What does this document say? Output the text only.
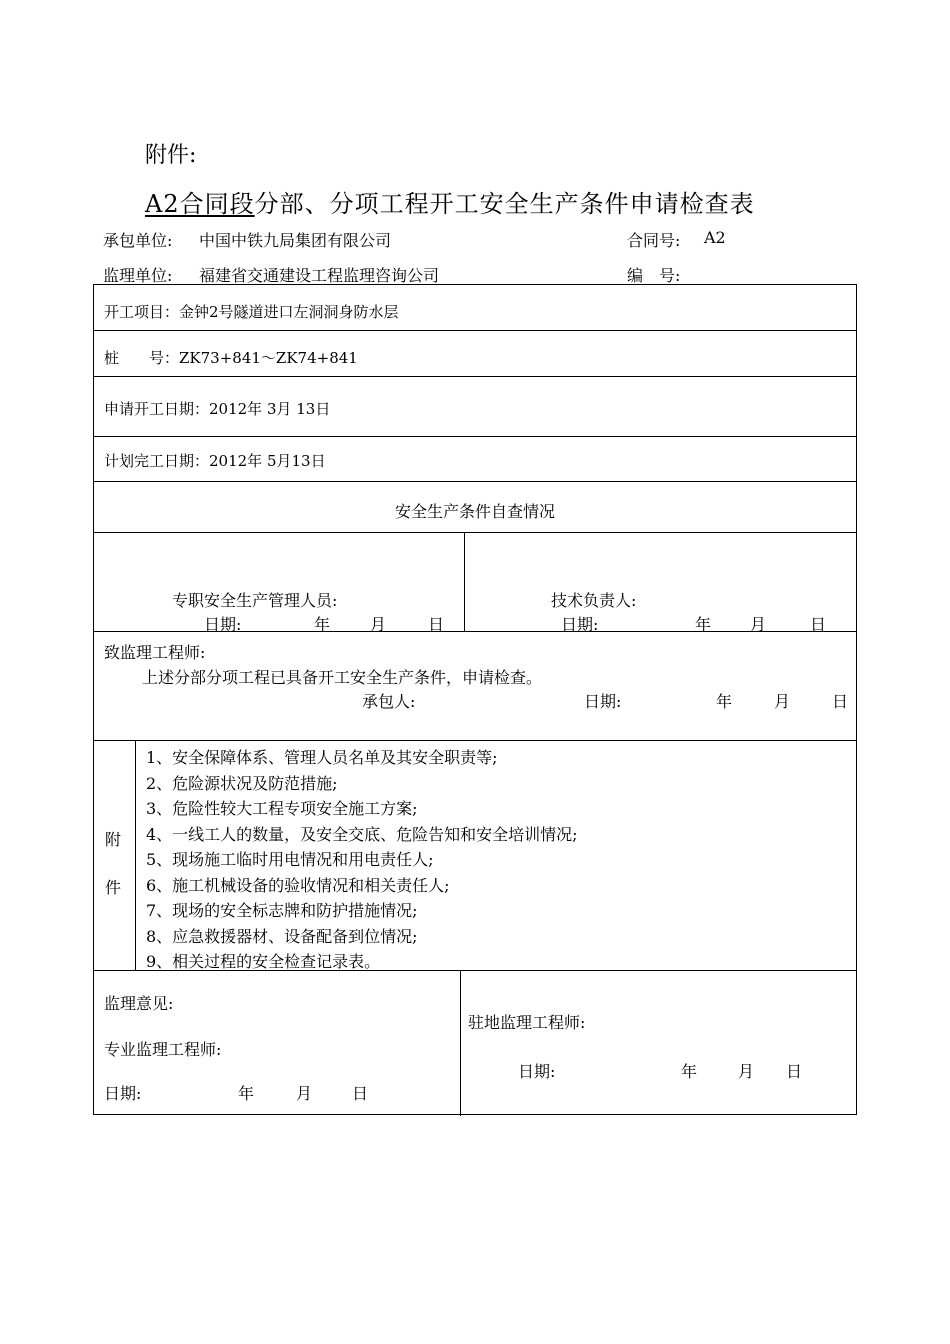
附件:
A2合同段分部、分项工程开工安全生产条件申请检查表
承包单位: 中国中铁九局集团有限公司	合同号: A2
监理单位: 福建省交通建设工程监理咨询公司	编　号:
开工项目：金钟2号隧道进口左洞洞身防水层
桩　　号：ZK73+841～ZK74+841
申请开工日期：2012年 3月 13日
计划完工日期：2012年 5月13日
安全生产条件自查情况
专职安全生产管理人员:
日期:	年 月	日
技术负责人:
日期:	年 月	日
致监理工程师:
上述分部分项工程已具备开工安全生产条件，申请检查。
承包人:	日期:	年	月	日
附
件
1、安全保障体系、管理人员名单及其安全职责等;
2、危险源状况及防范措施;
3、危险性较大工程专项安全施工方案;
4、一线工人的数量，及安全交底、危险告知和安全培训情况;
5、现场施工临时用电情况和用电责任人;
6、施工机械设备的验收情况和相关责任人;
7、现场的安全标志牌和防护措施情况;
8、应急救援器材、设备配备到位情况;
9、相关过程的安全检查记录表。
监理意见:
专业监理工程师:
日期:	年	月 日
驻地监理工程师:
日期:	年	月 日
